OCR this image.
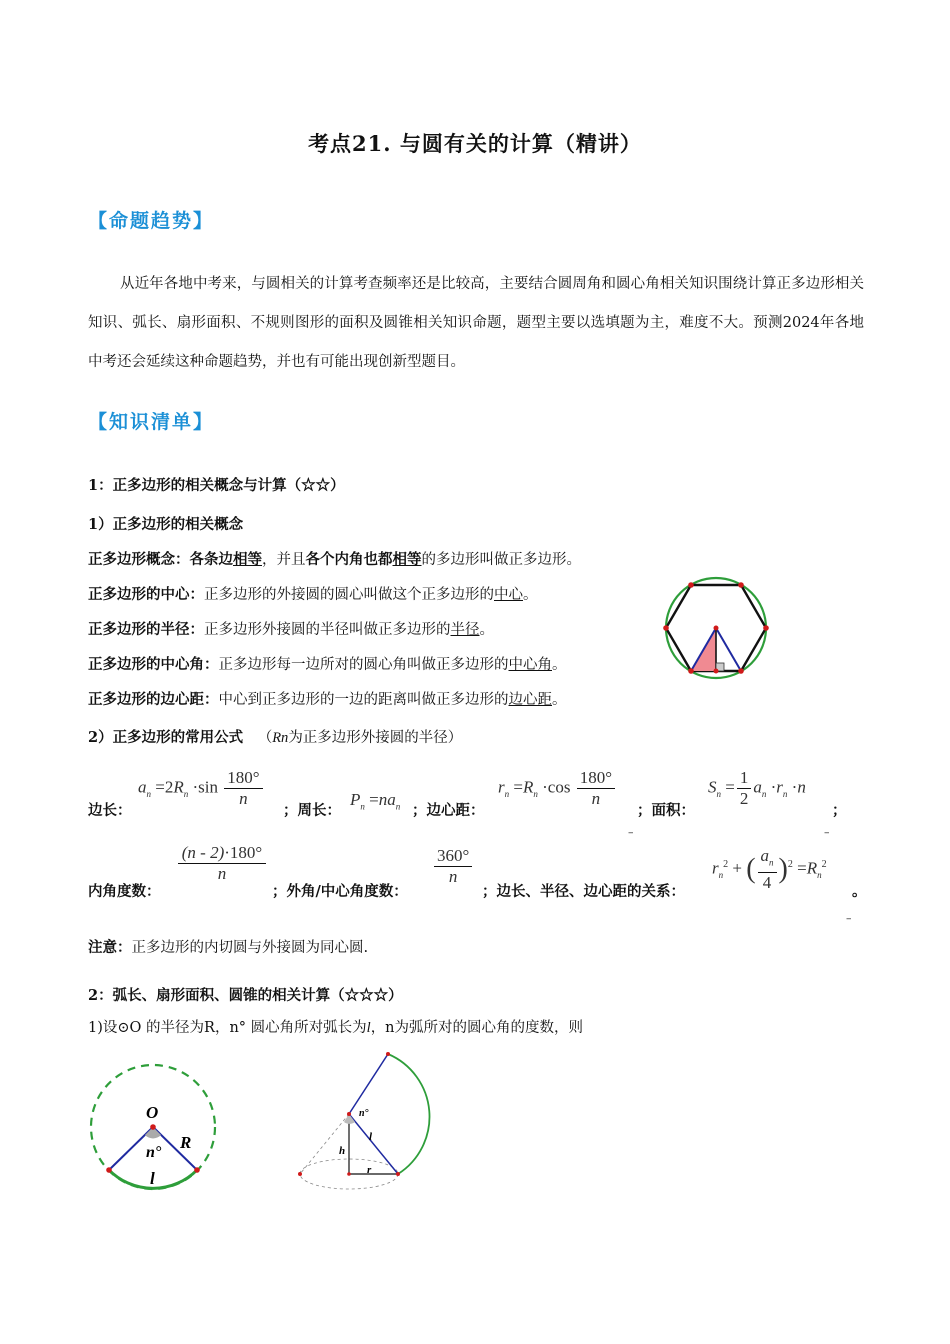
考点21. 与圆有关的计算（精讲）
【命题趋势】
从近年各地中考来，与圆相关的计算考查频率还是比较高，主要结合圆周角和圆心角相关知识围绕计算正多边形相关知识、弧长、扇形面积、不规则图形的面积及圆锥相关知识命题，题型主要以选填题为主，难度不大。预测2024年各地中考还会延续这种命题趋势，并也有可能出现创新型题目。
【知识清单】
1：正多边形的相关概念与计算（☆☆）
1）正多边形的相关概念
正多边形概念：各条边相等，并且各个内角也都相等的多边形叫做正多边形。
正多边形的中心：正多边形的外接圆的圆心叫做这个正多边形的中心。
正多边形的半径：正多边形外接圆的半径叫做正多边形的半径。
正多边形的中心角：正多边形每一边所对的圆心角叫做正多边形的中心角。
正多边形的边心距：中心到正多边形的一边的距离叫做正多边形的边心距。
2）正多边形的常用公式 （Rn为正多边形外接圆的半径）
边长：
$a_n =2R_n \cdot\sin \frac{180^\circ}{n}$
；周长：
$P_n =na_n$ ；边心距：
$r_n =R_n \cdot\cos \frac{180^\circ}{n}$
；面积：
$S_n = \frac{1}{2} a_n \cdot r_n \cdot n$
；
–	–
内角度数：
$\frac{(n - 2)\cdot 180^\circ}{n}$
；外角/中心角度数：
$\frac{360^\circ}{n}$
；边长、半径、边心距的关系：
$r_n^2$ + ( $\frac{a_n}{4} )^2 =R_n^2$
。
–
注意：正多边形的内切圆与外接圆为同心圆.
2：弧长、扇形面积、圆锥的相关计算（☆☆☆）
1)设⊙O 的半径为R，n° 圆心角所对弧长为l，n为弧所对的圆心角的度数，则
O
R
n°
l
n°
l
h
r
